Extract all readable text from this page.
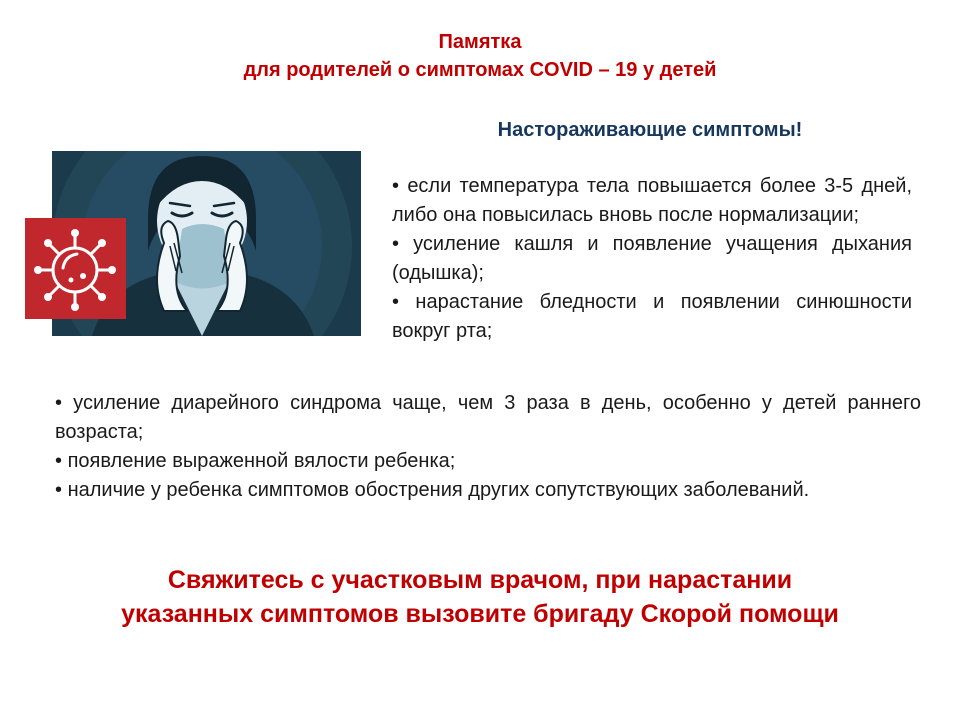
Памятка
для родителей о симптомах COVID – 19 у детей
Настораживающие симптомы!
• если температура тела повышается более 3-5 дней, либо она повысилась вновь после нормализации;
• усиление кашля и появление учащения дыхания (одышка);
• нарастание бледности и появлении синюшности вокруг рта;
• усиление диарейного синдрома чаще, чем 3 раза в день, особенно у детей раннего возраста;
• появление выраженной вялости ребенка;
• наличие у ребенка симптомов обострения других сопутствующих заболеваний.
Свяжитесь с участковым врачом, при нарастании
указанных симптомов вызовите бригаду Скорой помощи
